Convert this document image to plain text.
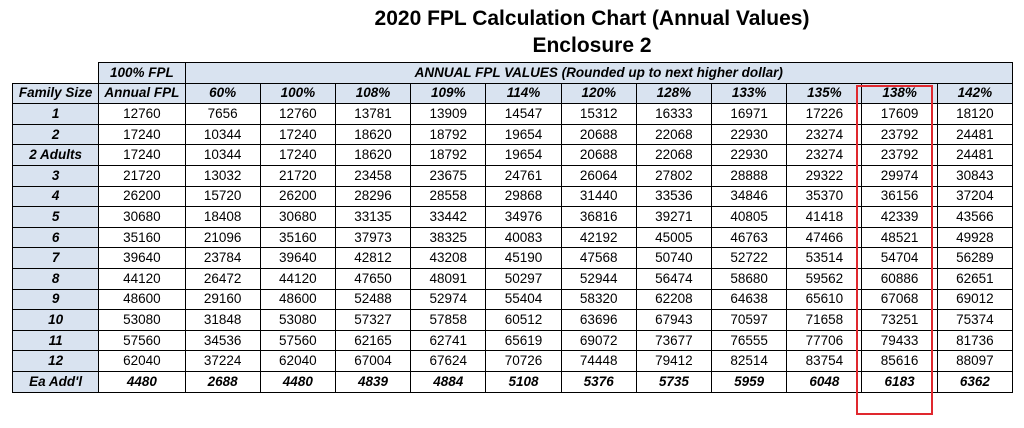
2020 FPL Calculation Chart (Annual Values)
Enclosure 2
	100% FPL	ANNUAL FPL VALUES (Rounded up to next higher dollar)										
Family Size	Annual FPL	60%	100%	108%	109%	114%	120%	128%	133%	135%	138%	142%
1	12760	7656	12760	13781	13909	14547	15312	16333	16971	17226	17609	18120
2	17240	10344	17240	18620	18792	19654	20688	22068	22930	23274	23792	24481
2 Adults	17240	10344	17240	18620	18792	19654	20688	22068	22930	23274	23792	24481
3	21720	13032	21720	23458	23675	24761	26064	27802	28888	29322	29974	30843
4	26200	15720	26200	28296	28558	29868	31440	33536	34846	35370	36156	37204
5	30680	18408	30680	33135	33442	34976	36816	39271	40805	41418	42339	43566
6	35160	21096	35160	37973	38325	40083	42192	45005	46763	47466	48521	49928
7	39640	23784	39640	42812	43208	45190	47568	50740	52722	53514	54704	56289
8	44120	26472	44120	47650	48091	50297	52944	56474	58680	59562	60886	62651
9	48600	29160	48600	52488	52974	55404	58320	62208	64638	65610	67068	69012
10	53080	31848	53080	57327	57858	60512	63696	67943	70597	71658	73251	75374
11	57560	34536	57560	62165	62741	65619	69072	73677	76555	77706	79433	81736
12	62040	37224	62040	67004	67624	70726	74448	79412	82514	83754	85616	88097
Ea Add'l	4480	2688	4480	4839	4884	5108	5376	5735	5959	6048	6183	6362
